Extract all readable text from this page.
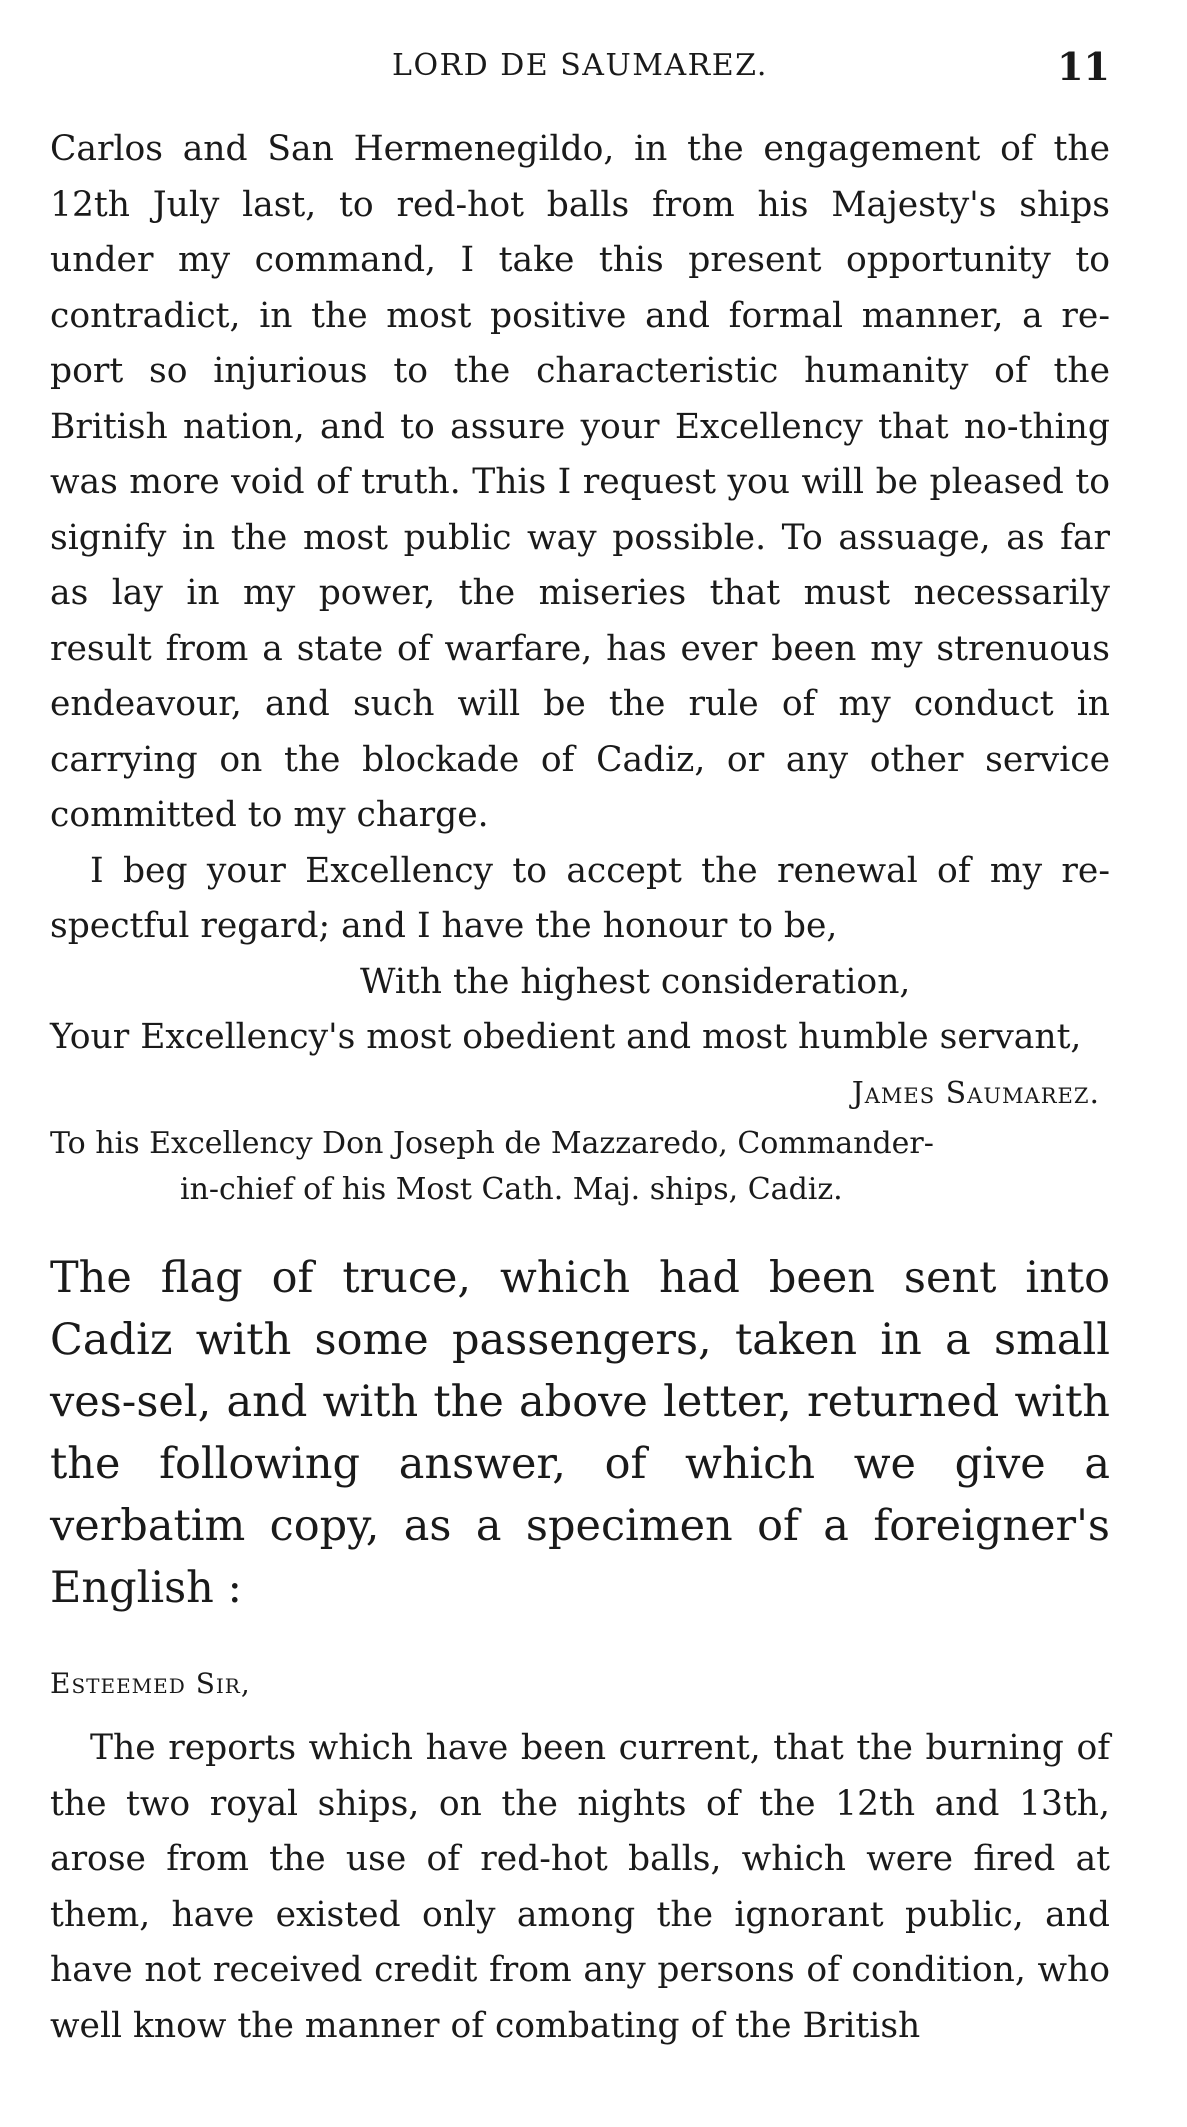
LORD DE SAUMAREZ.	11

Carlos and San Hermenegildo, in the engagement of the 12th July last, to red-hot balls from his Majesty's ships under my command, I take this present opportunity to contradict, in the most positive and formal manner, a re-port so injurious to the characteristic humanity of the British nation, and to assure your Excellency that no-thing was more void of truth. This I request you will be pleased to signify in the most public way possible. To assuage, as far as lay in my power, the miseries that must necessarily result from a state of warfare, has ever been my strenuous endeavour, and such will be the rule of my conduct in carrying on the blockade of Cadiz, or any other service committed to my charge.

I beg your Excellency to accept the renewal of my re-spectful regard; and I have the honour to be,

With the highest consideration,
Your Excellency's most obedient and most humble servant,
James Saumarez.
To his Excellency Don Joseph de Mazzaredo, Commander-
in-chief of his Most Cath. Maj. ships, Cadiz.

The flag of truce, which had been sent into Cadiz with some passengers, taken in a small ves-sel, and with the above letter, returned with the following answer, of which we give a verbatim copy, as a specimen of a foreigner's English :

Esteemed Sir,

The reports which have been current, that the burning of the two royal ships, on the nights of the 12th and 13th, arose from the use of red-hot balls, which were fired at them, have existed only among the ignorant public, and have not received credit from any persons of condition, who well know the manner of combating of the British
